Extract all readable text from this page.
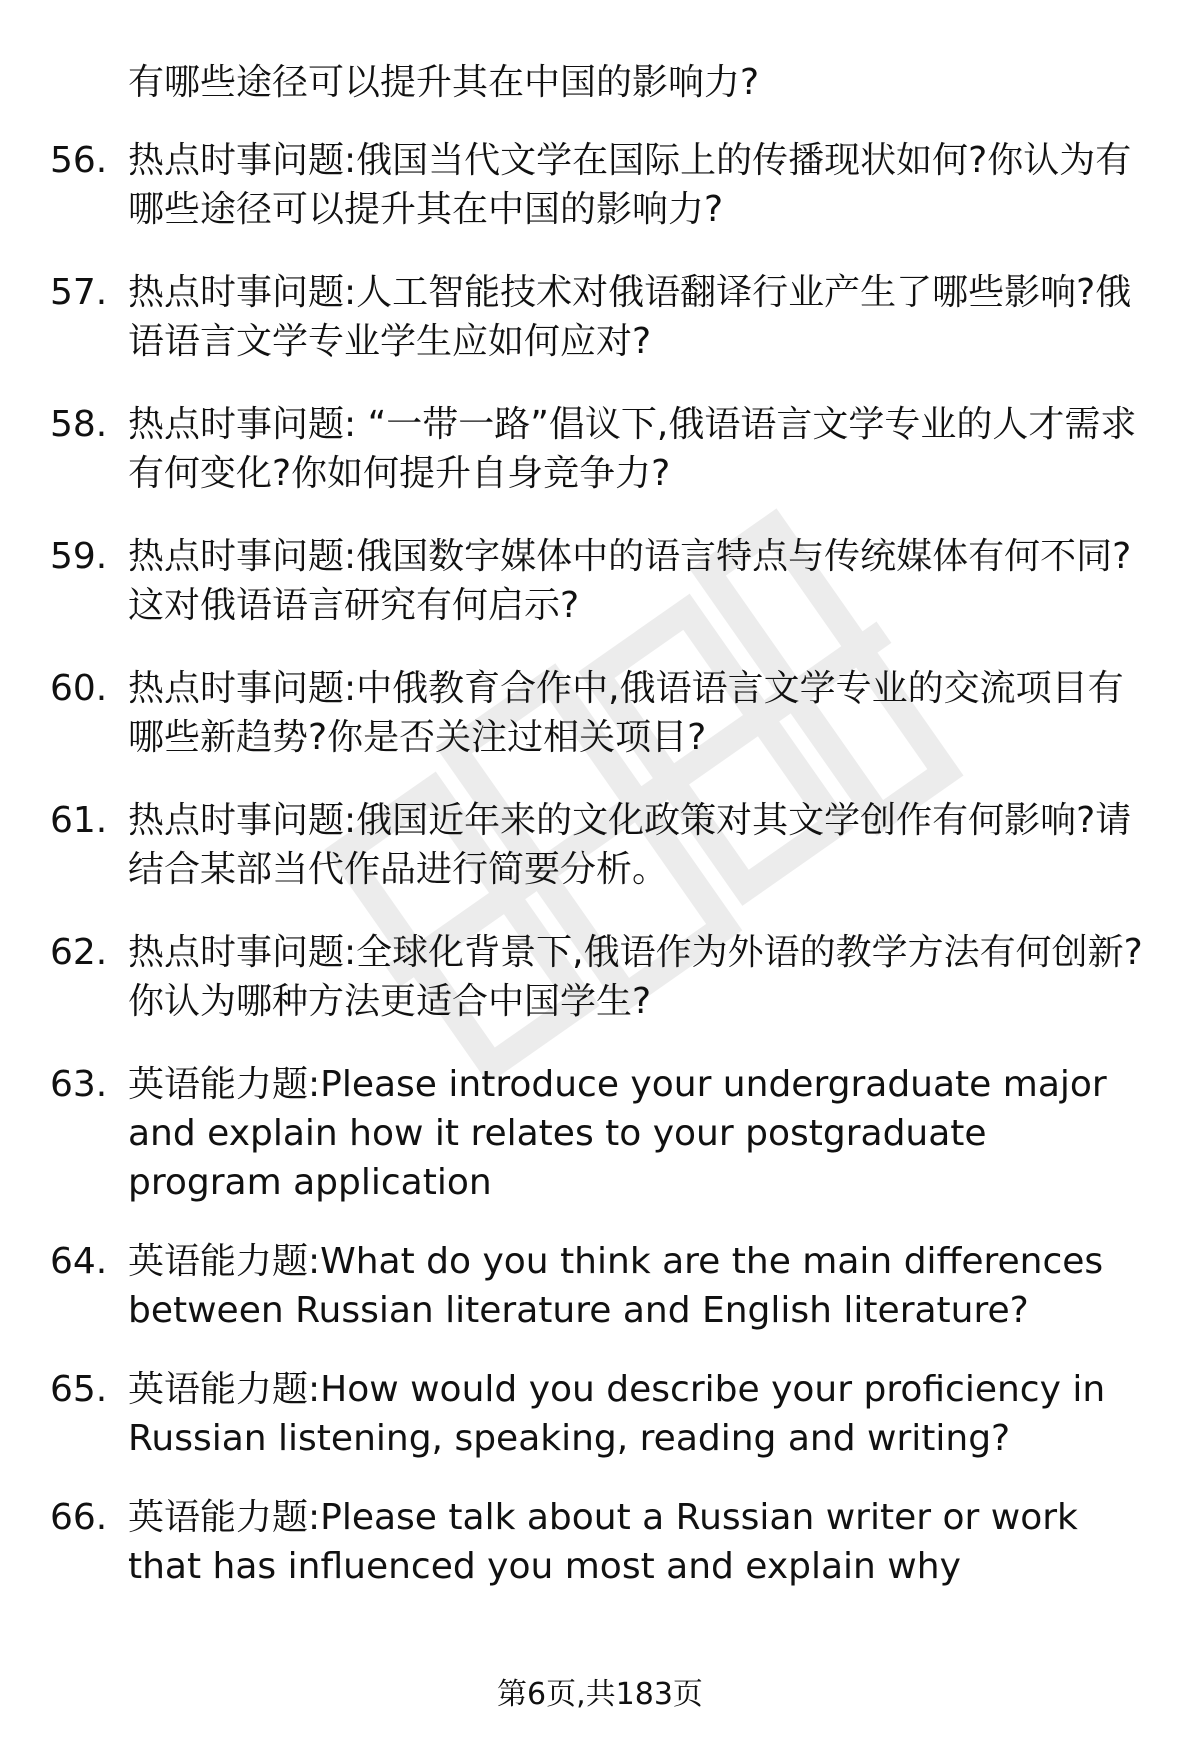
有哪些途径可以提升其在中国的影响力?
56. 热点时事问题:俄国当代文学在国际上的传播现状如何?你认为有哪些途径可以提升其在中国的影响力?
57. 热点时事问题:人工智能技术对俄语翻译行业产生了哪些影响?俄语语言文学专业学生应如何应对?
58. 热点时事问题: “一带一路”倡议下,俄语语言文学专业的人才需求有何变化?你如何提升自身竞争力?
59. 热点时事问题:俄国数字媒体中的语言特点与传统媒体有何不同?这对俄语语言研究有何启示?
60. 热点时事问题:中俄教育合作中,俄语语言文学专业的交流项目有哪些新趋势?你是否关注过相关项目?
61. 热点时事问题:俄国近年来的文化政策对其文学创作有何影响?请结合某部当代作品进行简要分析。
62. 热点时事问题:全球化背景下,俄语作为外语的教学方法有何创新?你认为哪种方法更适合中国学生?
63. 英语能力题:Please introduce your undergraduate major and explain how it relates to your postgraduate program application
64. 英语能力题:What do you think are the main differences between Russian literature and English literature?
65. 英语能力题:How would you describe your proficiency in Russian listening, speaking, reading and writing?
66. 英语能力题:Please talk about a Russian writer or work that has influenced you most and explain why
第6页,共183页
